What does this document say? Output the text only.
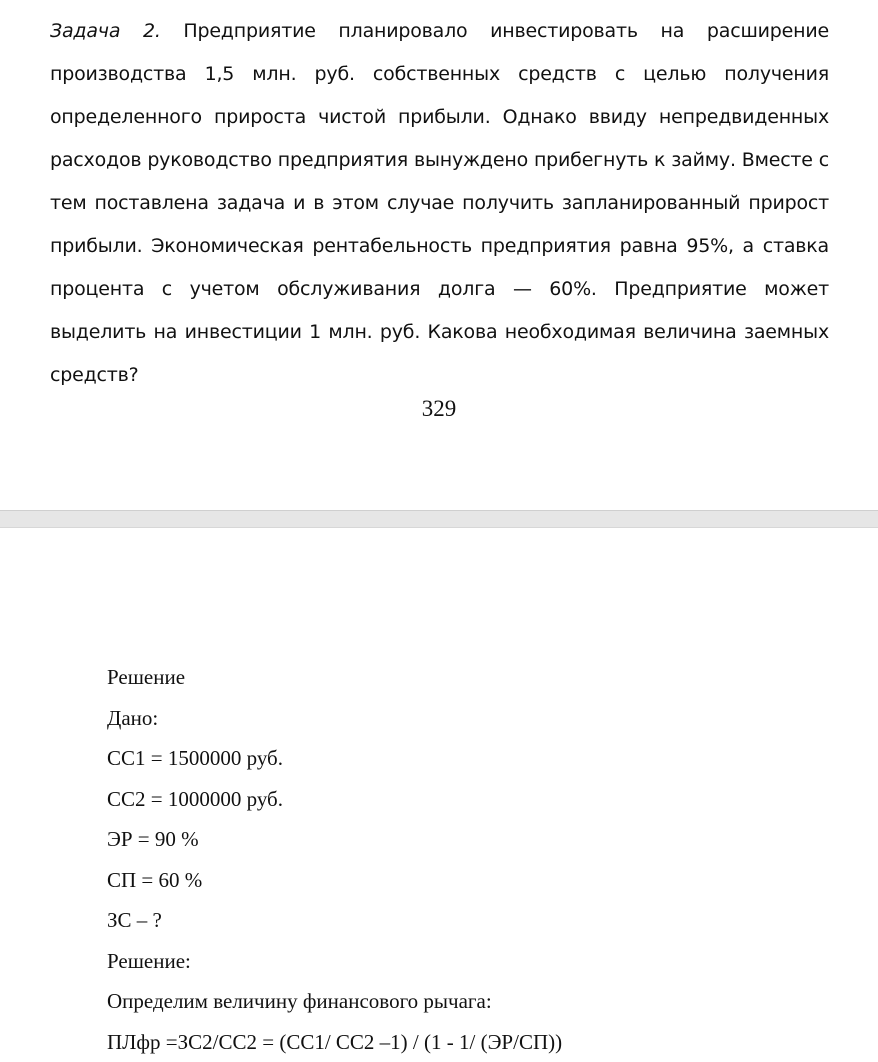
Задача 2. Предприятие планировало инвестировать на расширение производства 1,5 млн. руб. собственных средств с целью получения определенного прироста чистой прибыли. Однако ввиду непредвиденных расходов руководство предприятия вынуждено прибегнуть к займу. Вместе с тем поставлена задача и в этом случае получить запланированный прирост прибыли. Экономическая рентабельность предприятия равна 95%, а ставка процента с учетом обслуживания долга — 60%. Предприятие может выделить на инвестиции 1 млн. руб. Какова необходимая величина заемных средств?
329
Решение
Дано:
СС1 = 1500000 руб.
СС2 = 1000000 руб.
ЭР = 90 %
СП = 60 %
ЗС – ?
Решение:
Определим величину финансового рычага:
ПЛфр =ЗС2/СС2 = (СС1/ СС2 –1) / (1 - 1/ (ЭР/СП))
